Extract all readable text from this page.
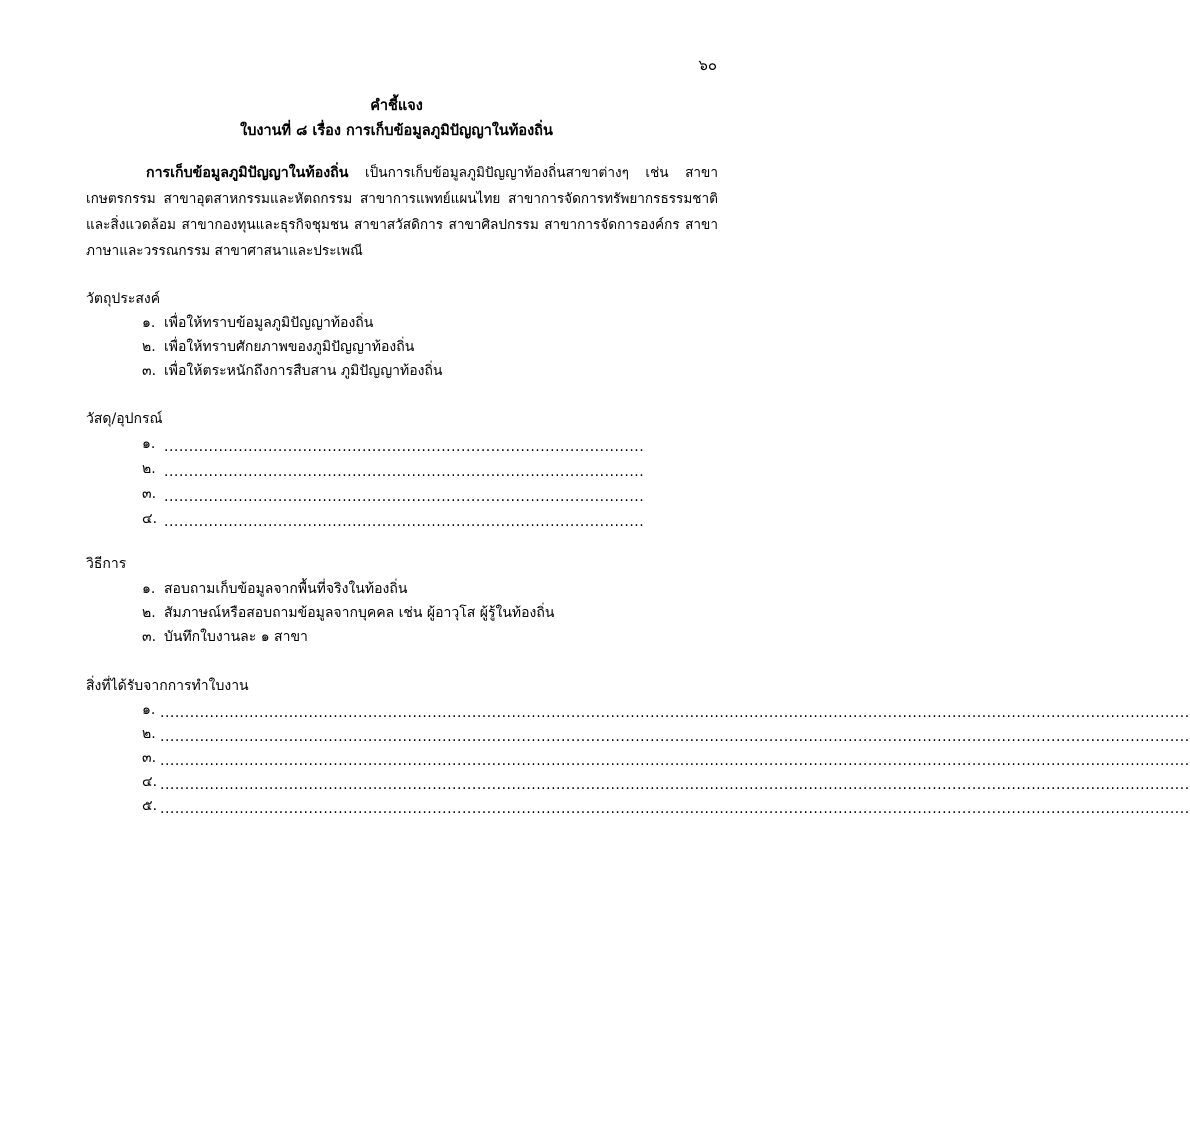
๖๐
คำชี้แจง
ใบงานที่ ๘ เรื่อง การเก็บข้อมูลภูมิปัญญาในท้องถิ่น
การเก็บข้อมูลภูมิปัญญาในท้องถิ่น เป็นการเก็บข้อมูลภูมิปัญญาท้องถิ่นสาขาต่างๆ เช่น สาขาเกษตรกรรม สาขาอุตสาหกรรมและหัตถกรรม สาขาการแพทย์แผนไทย สาขาการจัดการทรัพยากรธรรมชาติและสิ่งแวดล้อม สาขากองทุนและธุรกิจชุมชน สาขาสวัสดิการ สาขาศิลปกรรม สาขาการจัดการองค์กร สาขาภาษาและวรรณกรรม สาขาศาสนาและประเพณี
วัตถุประสงค์
๑. เพื่อให้ทราบข้อมูลภูมิปัญญาท้องถิ่น
๒. เพื่อให้ทราบศักยภาพของภูมิปัญญาท้องถิ่น
๓. เพื่อให้ตระหนักถึงการสืบสาน ภูมิปัญญาท้องถิ่น
วัสดุ/อุปกรณ์
๑. .................................................................................................
๒. .................................................................................................
๓. .................................................................................................
๔. .................................................................................................
วิธีการ
๑. สอบถามเก็บข้อมูลจากพื้นที่จริงในท้องถิ่น
๒. สัมภาษณ์หรือสอบถามข้อมูลจากบุคคล เช่น ผู้อาวุโส ผู้รู้ในท้องถิ่น
๓. บันทึกใบงานละ ๑ สาขา
สิ่งที่ได้รับจากการทำใบงาน
๑. ................................................................................................................................................................................................................
๒. ................................................................................................................................................................................................................
๓. ................................................................................................................................................................................................................
๔. ................................................................................................................................................................................................................
๕. ................................................................................................................................................................................................................
